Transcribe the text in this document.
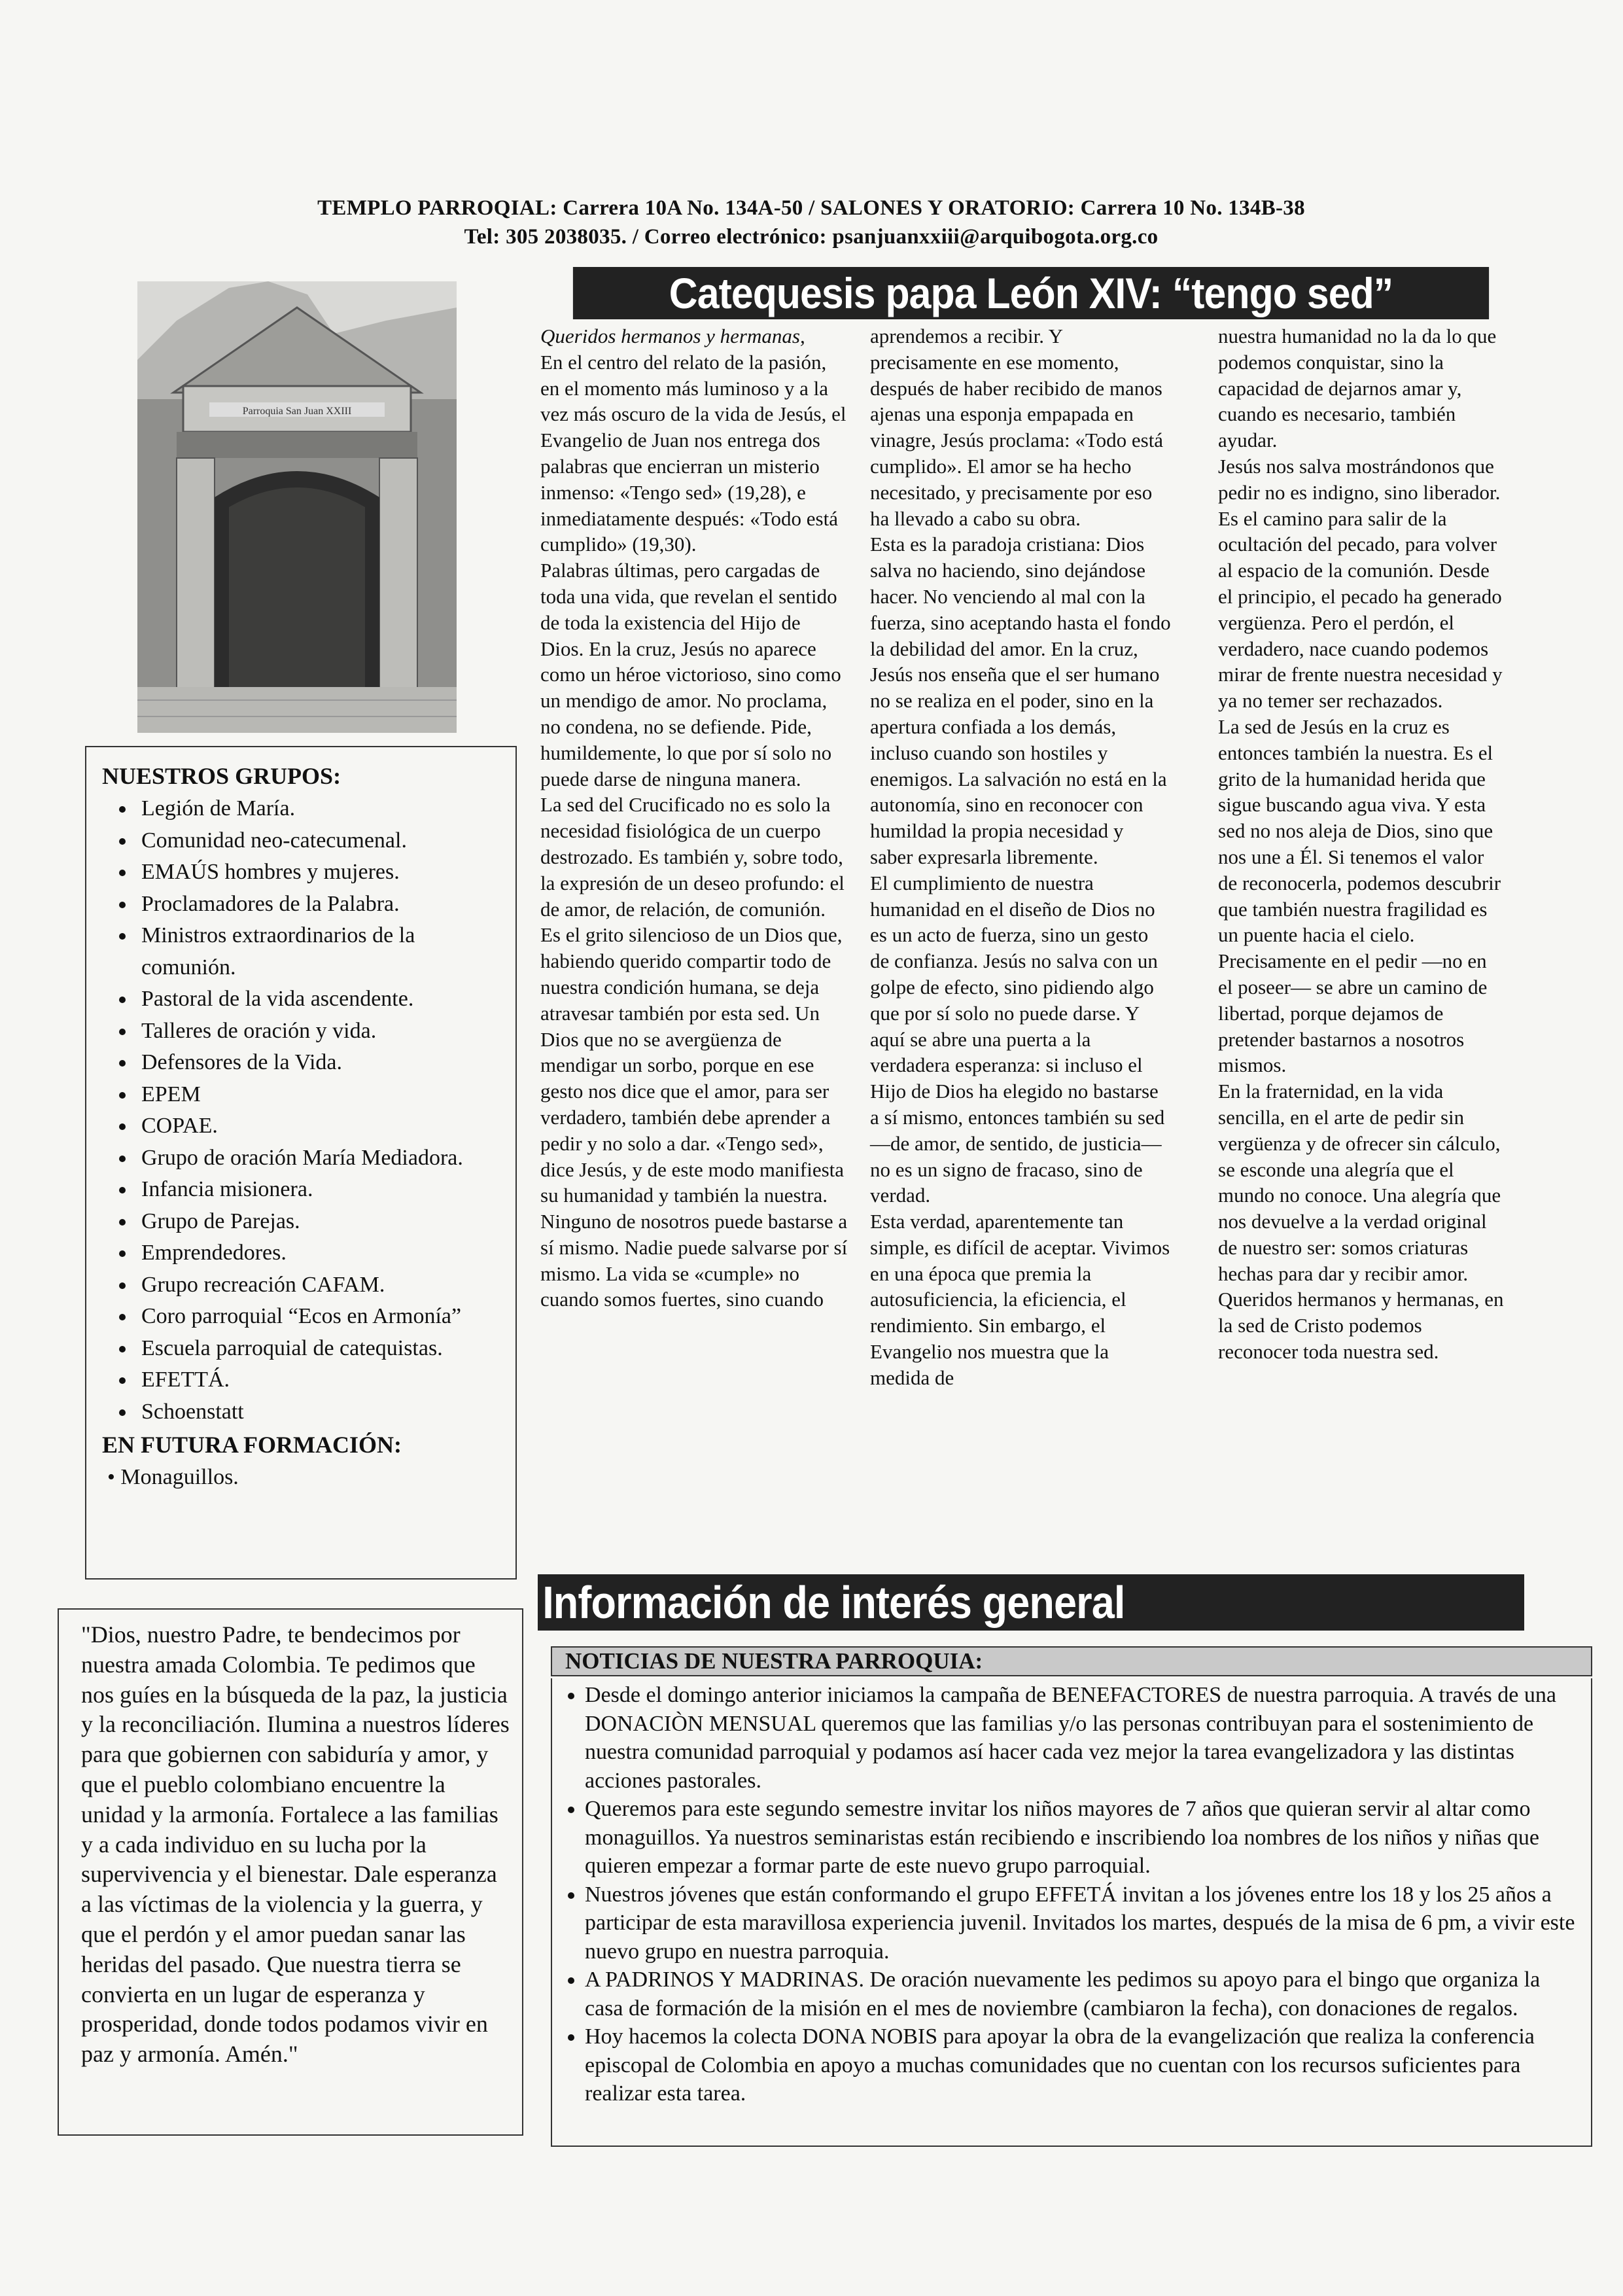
TEMPLO PARROQIAL: Carrera 10A No. 134A-50 / SALONES Y ORATORIO: Carrera 10 No. 134B-38
Tel: 305 2038035. / Correo electrónico: psanjuanxxiii@arquibogota.org.co
Catequesis papa León XIV: “tengo sed”
Parroquia San Juan XXIII

Queridos hermanos y hermanas,

En el centro del relato de la pasión, en el momento más luminoso y a la vez más oscuro de la vida de Jesús, el Evangelio de Juan nos entrega dos palabras que encierran un misterio inmenso: «Tengo sed» (19,28), e inmediatamente después: «Todo está cumplido» (19,30).

Palabras últimas, pero cargadas de toda una vida, que revelan el sentido de toda la existencia del Hijo de Dios. En la cruz, Jesús no aparece como un héroe victorioso, sino como un mendigo de amor. No proclama, no condena, no se defiende. Pide, humildemente, lo que por sí solo no puede darse de ninguna manera.

La sed del Crucificado no es solo la necesidad fisiológica de un cuerpo destrozado. Es también y, sobre todo, la expresión de un deseo profundo: el de amor, de relación, de comunión. Es el grito silencioso de un Dios que, habiendo querido compartir todo de nuestra condición humana, se deja atravesar también por esta sed. Un Dios que no se avergüenza de mendigar un sorbo, porque en ese gesto nos dice que el amor, para ser verdadero, también debe aprender a pedir y no solo a dar. «Tengo sed», dice Jesús, y de este modo manifiesta su humanidad y también la nuestra. Ninguno de nosotros puede bastarse a sí mismo. Nadie puede salvarse por sí mismo. La vida se «cumple» no cuando somos fuertes, sino cuando

aprendemos a recibir. Y precisamente en ese momento, después de haber recibido de manos ajenas una esponja empapada en vinagre, Jesús proclama: «Todo está cumplido». El amor se ha hecho necesitado, y precisamente por eso ha llevado a cabo su obra.

Esta es la paradoja cristiana: Dios salva no haciendo, sino dejándose hacer. No venciendo al mal con la fuerza, sino aceptando hasta el fondo la debilidad del amor. En la cruz, Jesús nos enseña que el ser humano no se realiza en el poder, sino en la apertura confiada a los demás, incluso cuando son hostiles y enemigos. La salvación no está en la autonomía, sino en reconocer con humildad la propia necesidad y saber expresarla libremente.

El cumplimiento de nuestra humanidad en el diseño de Dios no es un acto de fuerza, sino un gesto de confianza. Jesús no salva con un golpe de efecto, sino pidiendo algo que por sí solo no puede darse. Y aquí se abre una puerta a la verdadera esperanza: si incluso el Hijo de Dios ha elegido no bastarse a sí mismo, entonces también su sed —de amor, de sentido, de justicia— no es un signo de fracaso, sino de verdad.

Esta verdad, aparentemente tan simple, es difícil de aceptar. Vivimos en una época que premia la autosuficiencia, la eficiencia, el rendimiento. Sin embargo, el Evangelio nos muestra que la medida de

nuestra humanidad no la da lo que podemos conquistar, sino la capacidad de dejarnos amar y, cuando es necesario, también ayudar.

Jesús nos salva mostrándonos que pedir no es indigno, sino liberador. Es el camino para salir de la ocultación del pecado, para volver al espacio de la comunión. Desde el principio, el pecado ha generado vergüenza. Pero el perdón, el verdadero, nace cuando podemos mirar de frente nuestra necesidad y ya no temer ser rechazados.

La sed de Jesús en la cruz es entonces también la nuestra. Es el grito de la humanidad herida que sigue buscando agua viva. Y esta sed no nos aleja de Dios, sino que nos une a Él. Si tenemos el valor de reconocerla, podemos descubrir que también nuestra fragilidad es un puente hacia el cielo. Precisamente en el pedir —no en el poseer— se abre un camino de libertad, porque dejamos de pretender bastarnos a nosotros mismos.

En la fraternidad, en la vida sencilla, en el arte de pedir sin vergüenza y de ofrecer sin cálculo, se esconde una alegría que el mundo no conoce. Una alegría que nos devuelve a la verdad original de nuestro ser: somos criaturas hechas para dar y recibir amor.

Queridos hermanos y hermanas, en la sed de Cristo podemos reconocer toda nuestra sed.

NUESTROS GRUPOS:
• Legión de María.
• Comunidad neo-catecumenal.
• EMAÚS hombres y mujeres.
• Proclamadores de la Palabra.
• Ministros extraordinarios de la comunión.
• Pastoral de la vida ascendente.
• Talleres de oración y vida.
• Defensores de la Vida.
• EPEM
• COPAE.
• Grupo de oración María Mediadora.
• Infancia misionera.
• Grupo de Parejas.
• Emprendedores.
• Grupo recreación CAFAM.
• Coro parroquial “Ecos en Armonía”
• Escuela parroquial de catequistas.
• EFETTÁ.
• Schoenstatt
EN FUTURA FORMACIÓN:
• Monaguillos.
Información de interés general
"Dios, nuestro Padre, te bendecimos por nuestra amada Colombia. Te pedimos que nos guíes en la búsqueda de la paz, la justicia y la reconciliación. Ilumina a nuestros líderes para que gobiernen con sabiduría y amor, y que el pueblo colombiano encuentre la unidad y la armonía. Fortalece a las familias y a cada individuo en su lucha por la supervivencia y el bienestar. Dale esperanza a las víctimas de la violencia y la guerra, y que el perdón y el amor puedan sanar las heridas del pasado. Que nuestra tierra se convierta en un lugar de esperanza y prosperidad, donde todos podamos vivir en paz y armonía. Amén."
NOTICIAS DE NUESTRA PARROQUIA:
• Desde el domingo anterior iniciamos la campaña de BENEFACTORES de nuestra parroquia. A través de una DONACIÒN MENSUAL queremos que las familias y/o las personas contribuyan para el sostenimiento de nuestra comunidad parroquial y podamos así hacer cada vez mejor la tarea evangelizadora y las distintas acciones pastorales.
• Queremos para este segundo semestre invitar los niños mayores de 7 años que quieran servir al altar como monaguillos. Ya nuestros seminaristas están recibiendo e inscribiendo loa nombres de los niños y niñas que quieren empezar a formar parte de este nuevo grupo parroquial.
• Nuestros jóvenes que están conformando el grupo EFFETÁ invitan a los jóvenes entre los 18 y los 25 años a participar de esta maravillosa experiencia juvenil. Invitados los martes, después de la misa de 6 pm, a vivir este nuevo grupo en nuestra parroquia.
• A PADRINOS Y MADRINAS. De oración nuevamente les pedimos su apoyo para el bingo que organiza la casa de formación de la misión en el mes de noviembre (cambiaron la fecha), con donaciones de regalos.
• Hoy hacemos la colecta DONA NOBIS para apoyar la obra de la evangelización que realiza la conferencia episcopal de Colombia en apoyo a muchas comunidades que no cuentan con los recursos suficientes para realizar esta tarea.
